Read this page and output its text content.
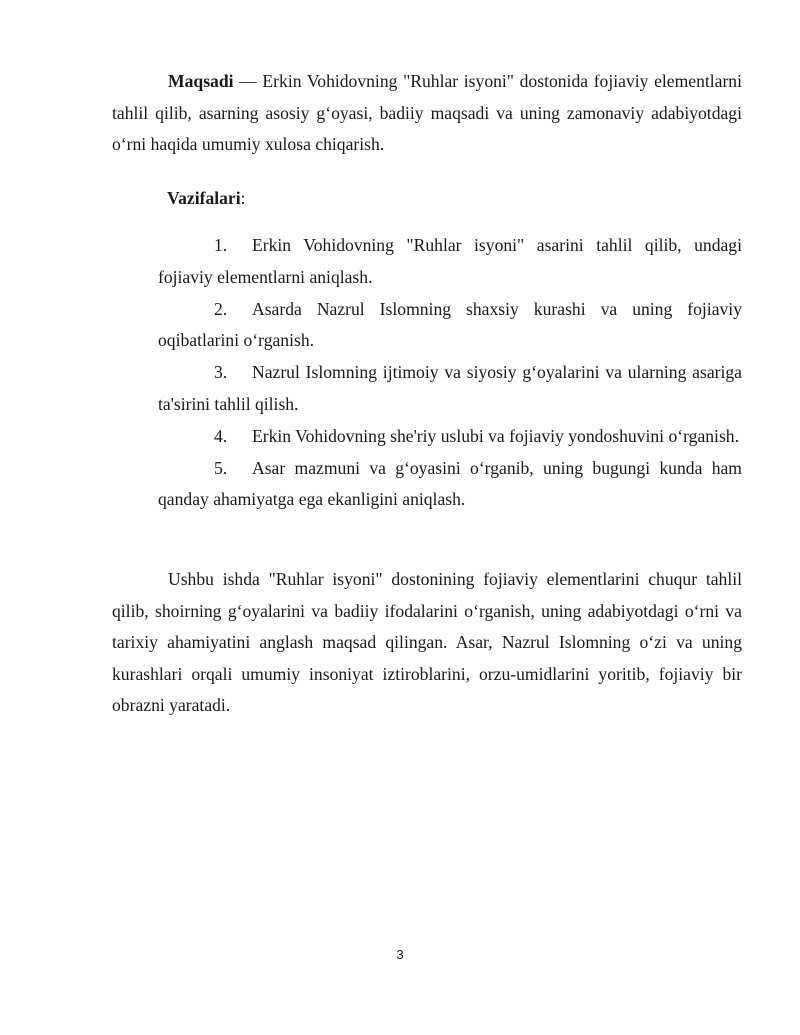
Maqsadi — Erkin Vohidovning "Ruhlar isyoni" dostonida fojiaviy elementlarni tahlil qilib, asarning asosiy g‘oyasi, badiiy maqsadi va uning zamonaviy adabiyotdagi o‘rni haqida umumiy xulosa chiqarish.

Vazifalari:

1. Erkin Vohidovning "Ruhlar isyoni" asarini tahlil qilib, undagi fojiaviy elementlarni aniqlash.
2. Asarda Nazrul Islomning shaxsiy kurashi va uning fojiaviy oqibatlarini o‘rganish.
3. Nazrul Islomning ijtimoiy va siyosiy g‘oyalarini va ularning asariga ta'sirini tahlil qilish.
4. Erkin Vohidovning she'riy uslubi va fojiaviy yondoshuvini o‘rganish.
5. Asar mazmuni va g‘oyasini o‘rganib, uning bugungi kunda ham qanday ahamiyatga ega ekanligini aniqlash.

Ushbu ishda "Ruhlar isyoni" dostonining fojiaviy elementlarini chuqur tahlil qilib, shoirning g‘oyalarini va badiiy ifodalarini o‘rganish, uning adabiyotdagi o‘rni va tarixiy ahamiyatini anglash maqsad qilingan. Asar, Nazrul Islomning o‘zi va uning kurashlari orqali umumiy insoniyat iztiroblarini, orzu-umidlarini yoritib, fojiaviy bir obrazni yaratadi.

3
